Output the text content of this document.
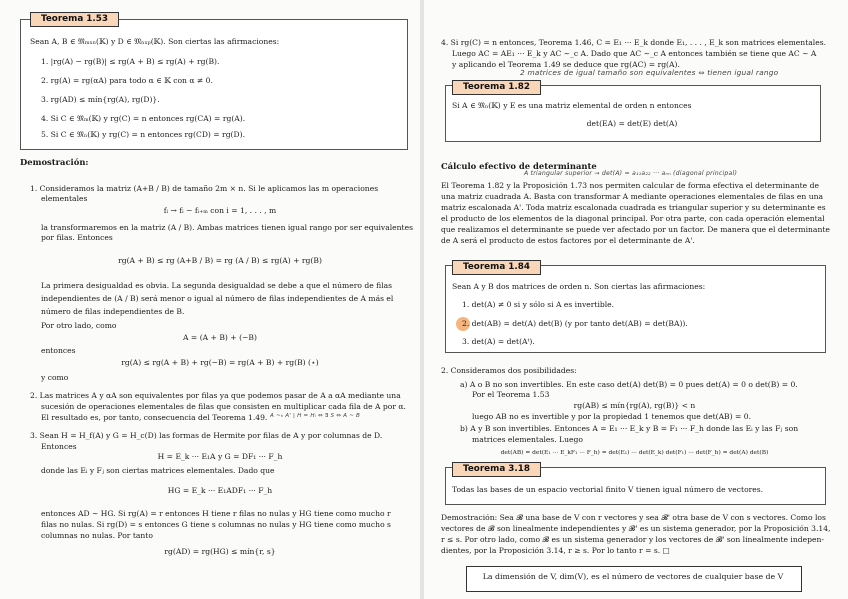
Teorema 1.53
Sean A, B ∈ 𝔐ₘₓₙ(𝕂) y D ∈ 𝔐ₙₓₚ(𝕂). Son ciertas las afirmaciones:
1. |rg(A) − rg(B)| ≤ rg(A + B) ≤ rg(A) + rg(B).
2. rg(A) = rg(αA) para todo α ∈ 𝕂 con α ≠ 0.
3. rg(AD) ≤ mín{rg(A), rg(D)}.
4. Si C ∈ 𝔐ₘ(𝕂) y rg(C) = n entonces rg(CA) = rg(A).
5. Si C ∈ 𝔐ₙ(𝕂) y rg(C) = n entonces rg(CD) = rg(D).
Demostración:
1. Consideramos la matriz (A+B / B) de tamaño 2m × n. Si le aplicamos las m operaciones
elementales
fᵢ → fᵢ − fᵢ₊ₘ con i = 1, . . . , m
la transformaremos en la matriz (A / B). Ambas matrices tienen igual rango por ser equivalentes
por filas. Entonces
rg(A + B) ≤ rg (A+B / B) = rg (A / B) ≤ rg(A) + rg(B)
La primera desigualdad es obvia. La segunda desigualdad se debe a que el número de filas
independientes de (A / B) será menor o igual al número de filas independientes de A más el
número de filas independientes de B.
Por otro lado, como
A = (A + B) + (−B)
entonces
rg(A) ≤ rg(A + B) + rg(−B) = rg(A + B) + rg(B) (⋆)
y como
2. Las matrices A y αA son equivalentes por filas ya que podemos pasar de A a αA mediante una
sucesión de operaciones elementales de filas que consisten en multiplicar cada fila de A por α.
El resultado es, por tanto, consecuencia del Teorema 1.49. A ~ₕ A' | H = Hᵢ ⇔ ∃ S ⇔ A ~ B
3. Sean H = H_f(A) y G = H_c(D) las formas de Hermite por filas de A y por columnas de D.
Entonces
H = E_k ··· E₁A y G = DF₁ ··· F_h
donde las Eᵢ y Fⱼ son ciertas matrices elementales. Dado que
HG = E_k ··· E₁ADF₁ ··· F_h
entonces AD ∼ HG. Si rg(A) = r entonces H tiene r filas no nulas y HG tiene como mucho r
filas no nulas. Si rg(D) = s entonces G tiene s columnas no nulas y HG tiene como mucho s
columnas no nulas. Por tanto
rg(AD) = rg(HG) ≤ mín{r, s}
4. Si rg(C) = n entonces, Teorema 1.46, C = E₁ ··· E_k donde E₁, . . . , E_k son matrices elementales.
Luego AC = AE₁ ··· E_k y AC ∼_c A. Dado que AC ∼_c A entonces también se tiene que AC ∼ A
y aplicando el Teorema 1.49 se deduce que rg(AC) = rg(A).
2 matrices de igual tamaño son equivalentes ⇔ tienen igual rango
Teorema 1.82
Si A ∈ 𝔐ₙ(𝕂) y E es una matriz elemental de orden n entonces
det(EA) = det(E) det(A)
Cálculo efectivo de determinante
A triangular superior → det(A) = a₁₁a₂₂ ··· aₙₙ (diagonal principal)
El Teorema 1.82 y la Proposición 1.73 nos permiten calcular de forma efectiva el determinante de
una matriz cuadrada A. Basta con transformar A mediante operaciones elementales de filas en una
matriz escalonada A'. Toda matriz escalonada cuadrada es triangular superior y su determinante es
el producto de los elementos de la diagonal principal. Por otra parte, con cada operación elemental
que realizamos el determinante se puede ver afectado por un factor. De manera que el determinante
de A será el producto de estos factores por el determinante de A'.
Teorema 1.84
Sean A y B dos matrices de orden n. Son ciertas las afirmaciones:
1. det(A) ≠ 0 si y sólo si A es invertible.
2. det(AB) = det(A) det(B) (y por tanto det(AB) = det(BA)).
3. det(A) = det(Aᵗ).
2. Consideramos dos posibilidades:
a) A o B no son invertibles. En este caso det(A) det(B) = 0 pues det(A) = 0 o det(B) = 0.
Por el Teorema 1.53
rg(AB) ≤ mín{rg(A), rg(B)} < n
luego AB no es invertible y por la propiedad 1 tenemos que det(AB) = 0.
b) A y B son invertibles. Entonces A = E₁ ··· E_k y B = F₁ ··· F_h donde las Eᵢ y las Fⱼ son
matrices elementales. Luego
det(AB) = det(E₁ ··· E_kF₁ ··· F_h) = det(E₁) ··· det(E_k) det(F₁) ··· det(F_h) = det(A) det(B)
Teorema 3.18
Todas las bases de un espacio vectorial finito V tienen igual número de vectores.
Demostración: Sea 𝓑 una base de V con r vectores y sea 𝓑' otra base de V con s vectores. Como los
vectores de 𝓑 son linealmente independientes y 𝓑' es un sistema generador, por la Proposición 3.14,
r ≤ s. Por otro lado, como 𝓑 es un sistema generador y los vectores de 𝓑' son linealmente indepen-
dientes, por la Proposición 3.14, r ≥ s. Por lo tanto r = s. □
La dimensión de V, dim(V), es el número de vectores de cualquier base de V
